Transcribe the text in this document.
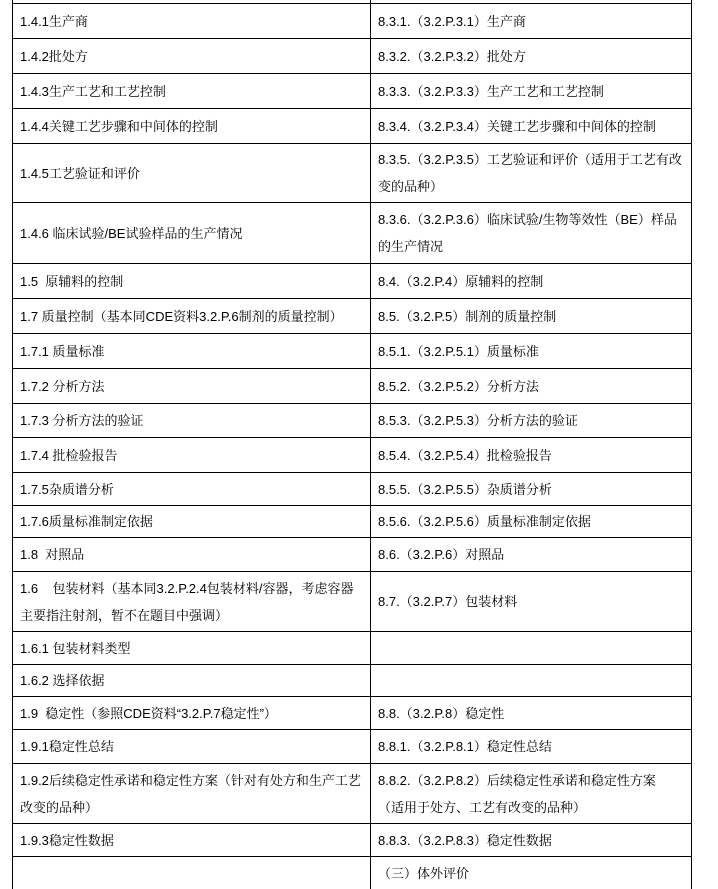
1.4.1生产商	8.3.1.（3.2.P.3.1）生产商
1.4.2批处方	8.3.2.（3.2.P.3.2）批处方
1.4.3生产工艺和工艺控制	8.3.3.（3.2.P.3.3）生产工艺和工艺控制
1.4.4关键工艺步骤和中间体的控制	8.3.4.（3.2.P.3.4）关键工艺步骤和中间体的控制
1.4.5工艺验证和评价	8.3.5.（3.2.P.3.5）工艺验证和评价（适用于工艺有改变的品种）
1.4.6 临床试验/BE试验样品的生产情况	8.3.6.（3.2.P.3.6）临床试验/生物等效性（BE）样品的生产情况
1.5  原辅料的控制	8.4.（3.2.P.4）原辅料的控制
1.7 质量控制（基本同CDE资料3.2.P.6制剂的质量控制）	8.5.（3.2.P.5）制剂的质量控制
1.7.1 质量标准	8.5.1.（3.2.P.5.1）质量标准
1.7.2 分析方法	8.5.2.（3.2.P.5.2）分析方法
1.7.3 分析方法的验证	8.5.3.（3.2.P.5.3）分析方法的验证
1.7.4 批检验报告	8.5.4.（3.2.P.5.4）批检验报告
1.7.5杂质谱分析	8.5.5.（3.2.P.5.5）杂质谱分析
1.7.6质量标准制定依据	8.5.6.（3.2.P.5.6）质量标准制定依据
1.8  对照品	8.6.（3.2.P.6）对照品
1.6    包装材料（基本同3.2.P.2.4包装材料/容器，考虑容器主要指注射剂，暂不在题目中强调）	8.7.（3.2.P.7）包装材料
1.6.1 包装材料类型	
1.6.2 选择依据	
1.9  稳定性（参照CDE资料“3.2.P.7稳定性”）	8.8.（3.2.P.8）稳定性
1.9.1稳定性总结	8.8.1.（3.2.P.8.1）稳定性总结
1.9.2后续稳定性承诺和稳定性方案（针对有处方和生产工艺改变的品种）	8.8.2.（3.2.P.8.2）后续稳定性承诺和稳定性方案 （适用于处方、工艺有改变的品种）
1.9.3稳定性数据	8.8.3.（3.2.P.8.3）稳定性数据
	（三）体外评价
